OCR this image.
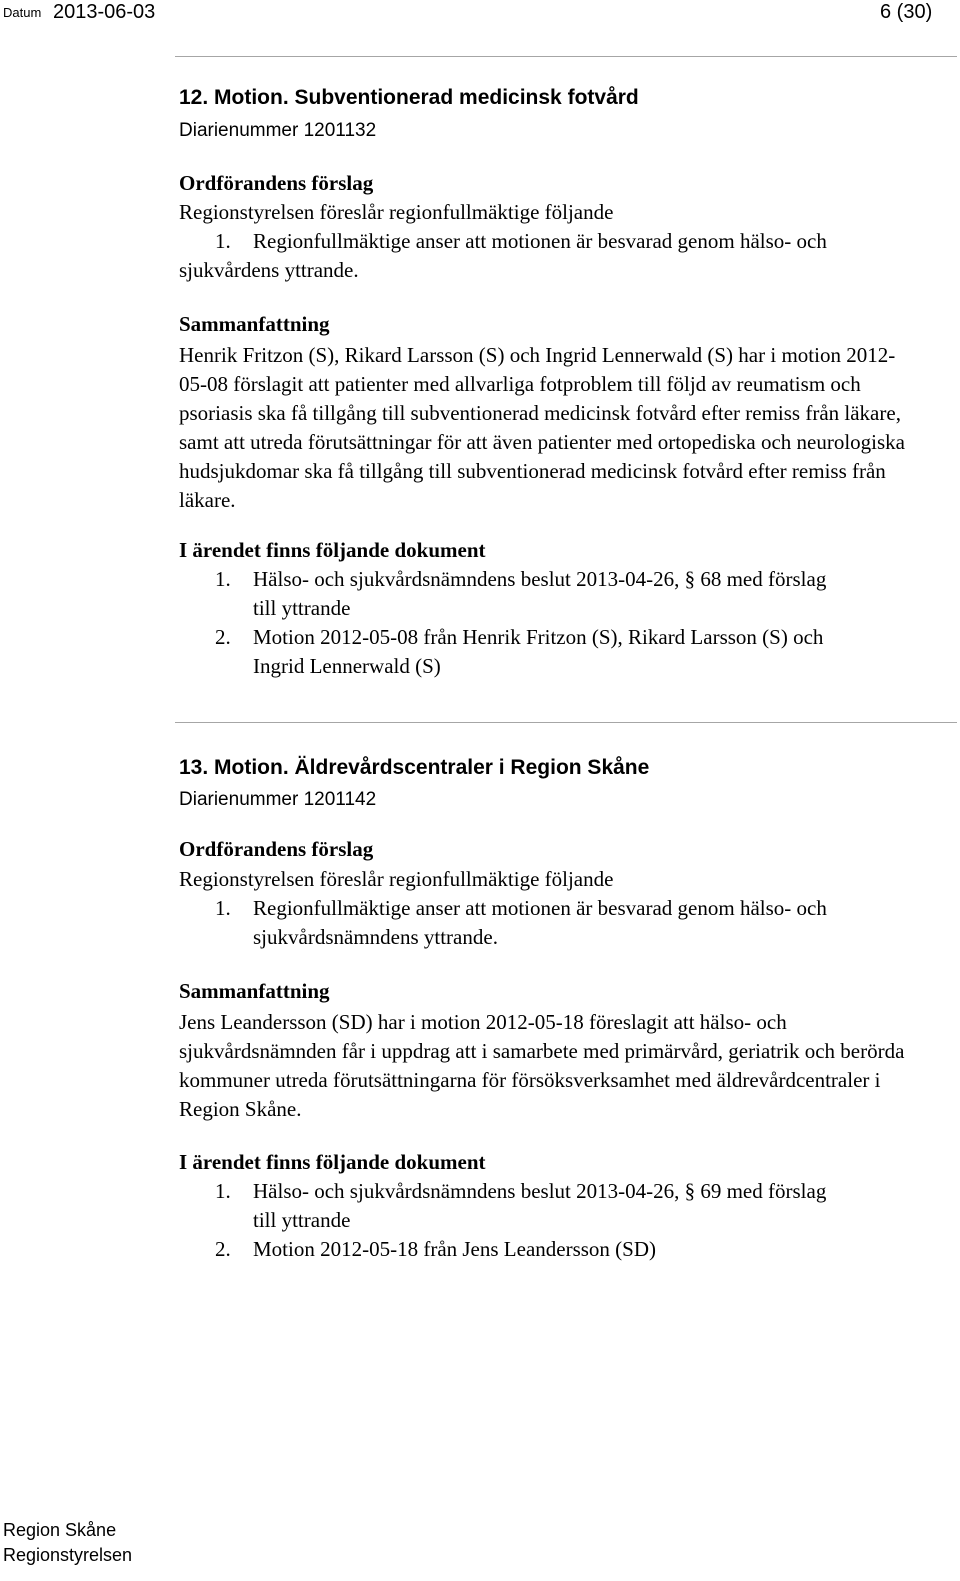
Datum 2013-06-03	6 (30)
12. Motion. Subventionerad medicinsk fotvård
Diarienummer 1201132
Ordförandens förslag
Regionstyrelsen föreslår regionfullmäktige följande
1. Regionfullmäktige anser att motionen är besvarad genom hälso- och
sjukvårdens yttrande.
Sammanfattning
Henrik Fritzon (S), Rikard Larsson (S) och Ingrid Lennerwald (S) har i motion 2012-05-08 förslagit att patienter med allvarliga fotproblem till följd av reumatism och psoriasis ska få tillgång till subventionerad medicinsk fotvård efter remiss från läkare, samt att utreda förutsättningar för att även patienter med ortopediska och neurologiska hudsjukdomar ska få tillgång till subventionerad medicinsk fotvård efter remiss från läkare.
I ärendet finns följande dokument
1. Hälso- och sjukvårdsnämndens beslut 2013-04-26, § 68 med förslag
till yttrande
2. Motion 2012-05-08 från Henrik Fritzon (S), Rikard Larsson (S) och
Ingrid Lennerwald (S)
13. Motion. Äldrevårdscentraler i Region Skåne
Diarienummer 1201142
Ordförandens förslag
Regionstyrelsen föreslår regionfullmäktige följande
1. Regionfullmäktige anser att motionen är besvarad genom hälso- och
sjukvårdsnämndens yttrande.
Sammanfattning
Jens Leandersson (SD) har i motion 2012-05-18 föreslagit att hälso- och sjukvårdsnämnden får i uppdrag att i samarbete med primärvård, geriatrik och berörda kommuner utreda förutsättningarna för försöksverksamhet med äldrevårdcentraler i Region Skåne.
I ärendet finns följande dokument
1. Hälso- och sjukvårdsnämndens beslut 2013-04-26, § 69 med förslag
till yttrande
2. Motion 2012-05-18 från Jens Leandersson (SD)
Region Skåne
Regionstyrelsen
